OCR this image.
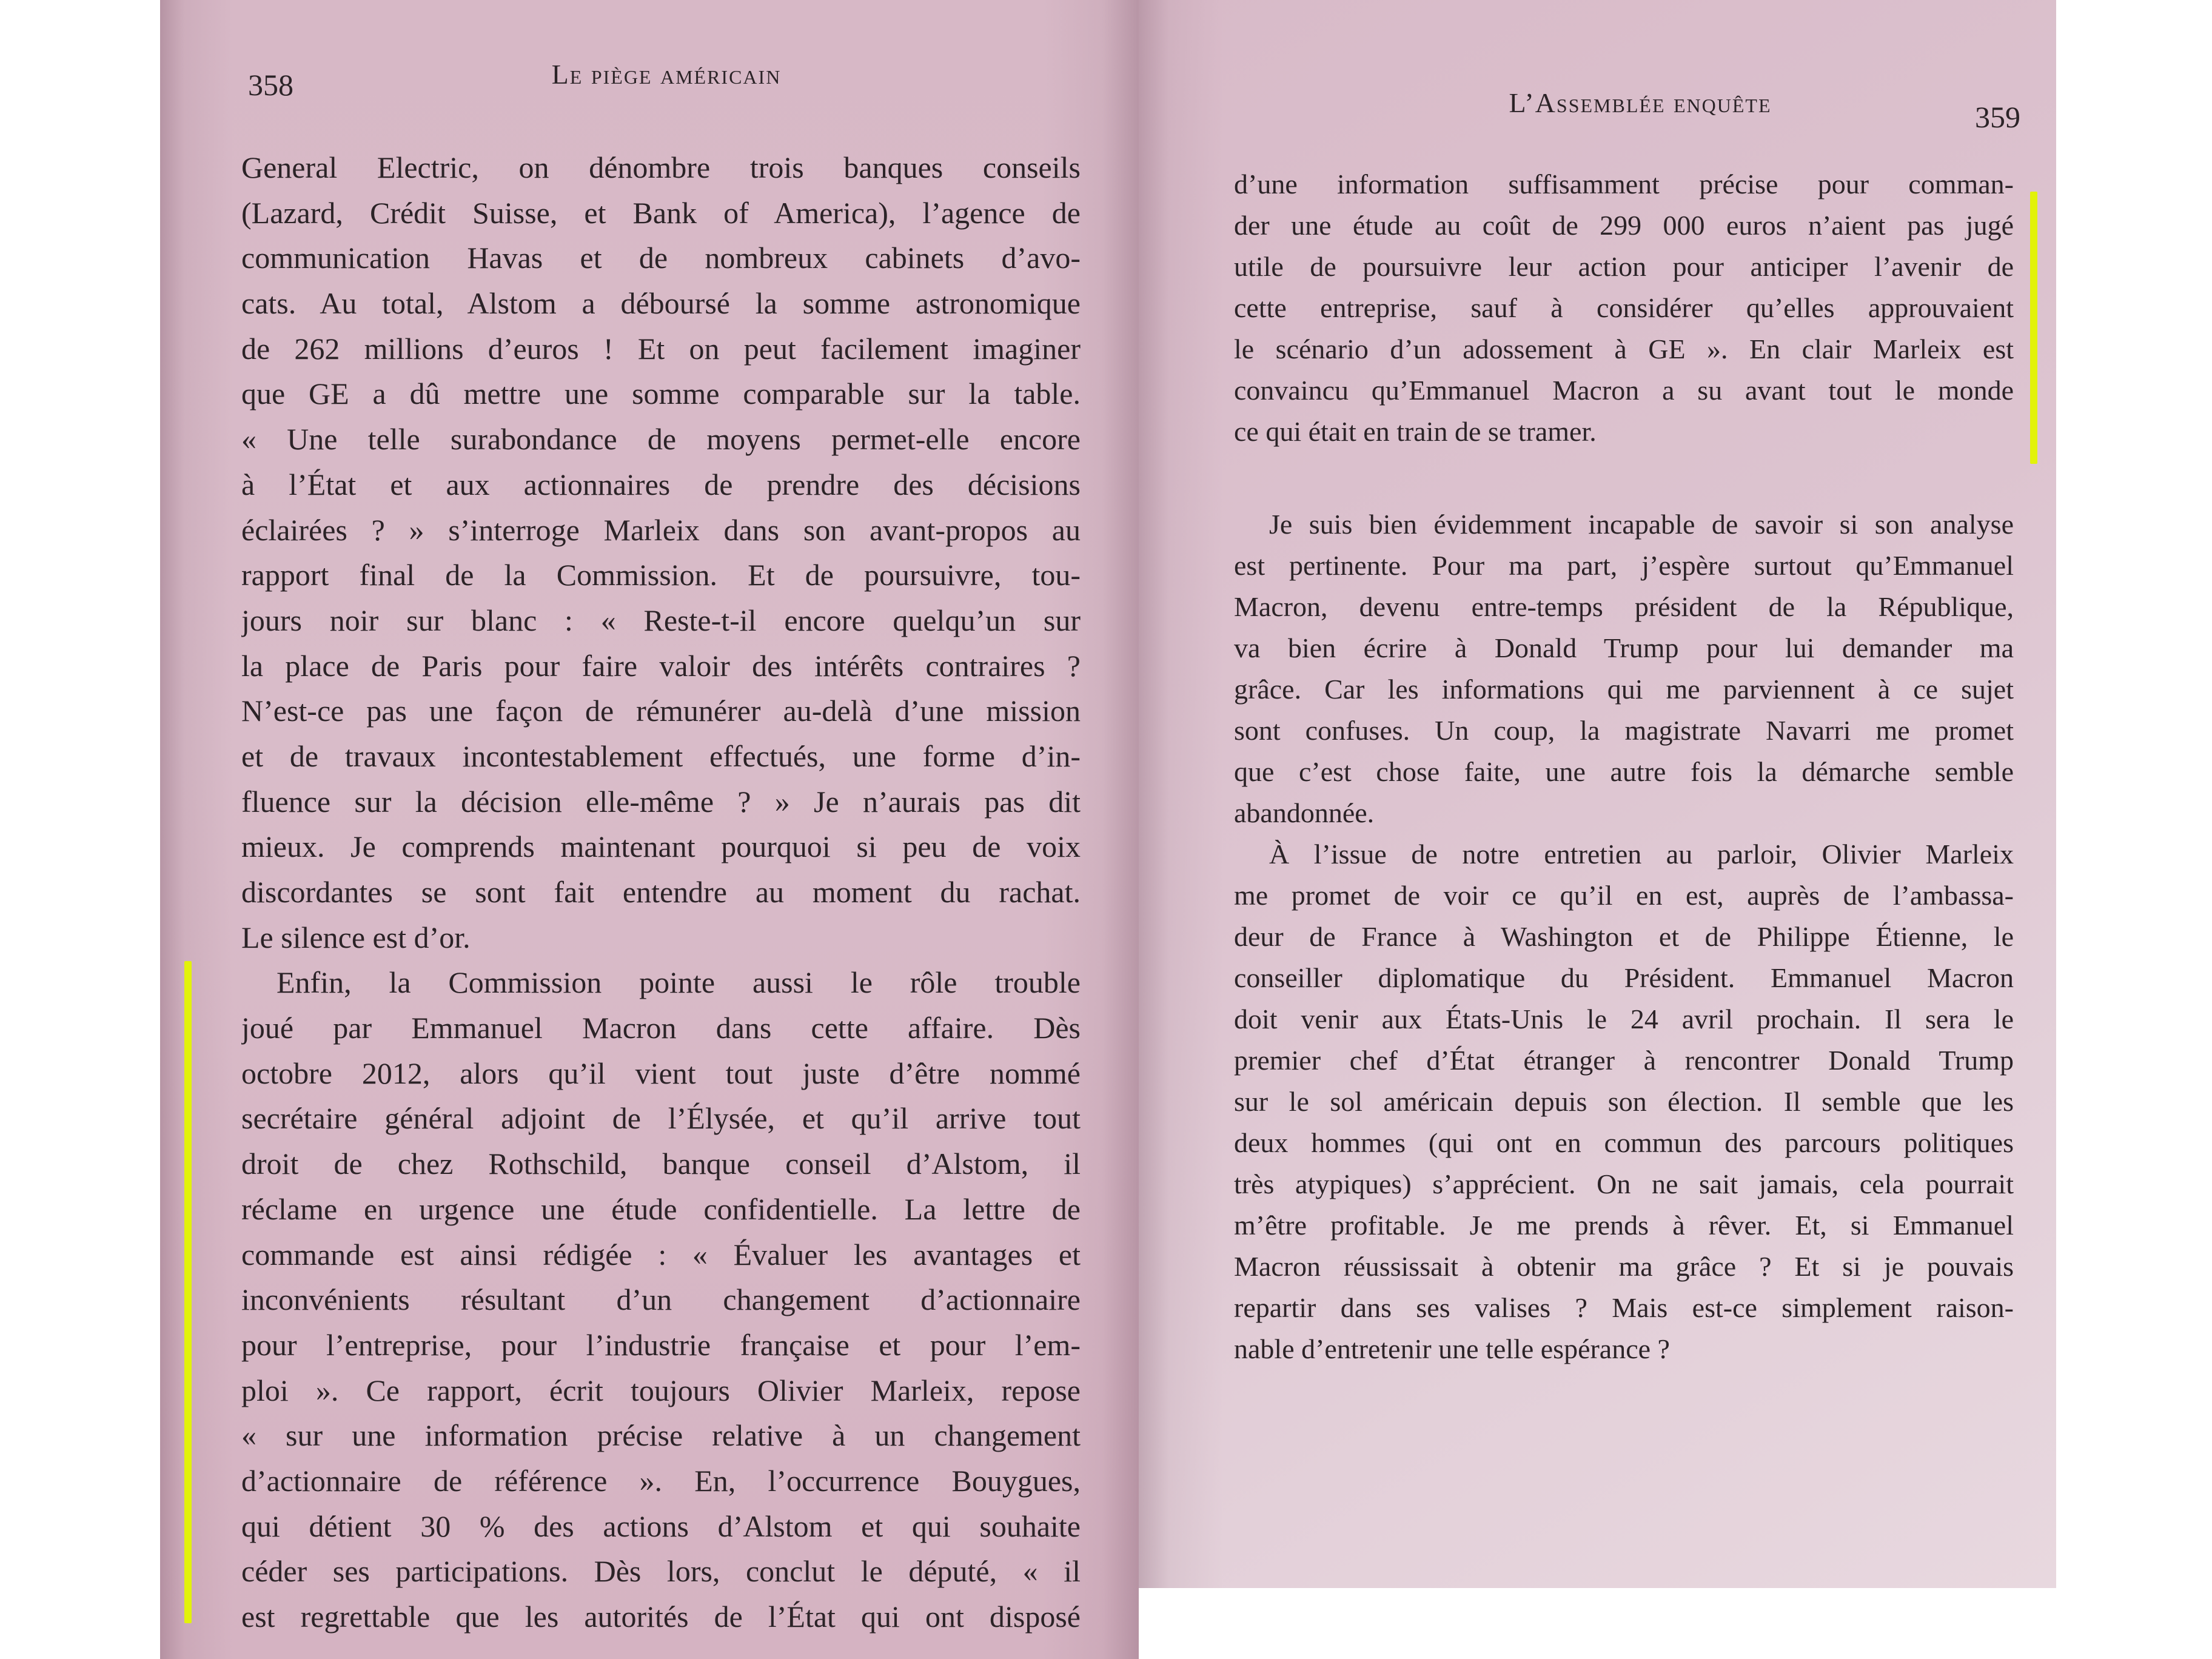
358	Le piège américain
General Electric, on dénombre trois banques conseils
(Lazard, Crédit Suisse, et Bank of America), l’agence de
communication Havas et de nombreux cabinets d’avo-
cats. Au total, Alstom a déboursé la somme astronomique
de 262 millions d’euros ! Et on peut facilement imaginer
que GE a dû mettre une somme comparable sur la table.
« Une telle surabondance de moyens permet-elle encore
à l’État et aux actionnaires de prendre des décisions
éclairées ? » s’interroge Marleix dans son avant-propos au
rapport final de la Commission. Et de poursuivre, tou-
jours noir sur blanc : « Reste-t-il encore quelqu’un sur
la place de Paris pour faire valoir des intérêts contraires ?
N’est-ce pas une façon de rémunérer au-delà d’une mission
et de travaux incontestablement effectués, une forme d’in-
fluence sur la décision elle-même ? » Je n’aurais pas dit
mieux. Je comprends maintenant pourquoi si peu de voix
discordantes se sont fait entendre au moment du rachat.
Le silence est d’or.
Enfin, la Commission pointe aussi le rôle trouble
joué par Emmanuel Macron dans cette affaire. Dès
octobre 2012, alors qu’il vient tout juste d’être nommé
secrétaire général adjoint de l’Élysée, et qu’il arrive tout
droit de chez Rothschild, banque conseil d’Alstom, il
réclame en urgence une étude confidentielle. La lettre de
commande est ainsi rédigée : « Évaluer les avantages et
inconvénients résultant d’un changement d’actionnaire
pour l’entreprise, pour l’industrie française et pour l’em-
ploi ». Ce rapport, écrit toujours Olivier Marleix, repose
« sur une information précise relative à un changement
d’actionnaire de référence ». En, l’occurrence Bouygues,
qui détient 30 % des actions d’Alstom et qui souhaite
céder ses participations. Dès lors, conclut le député, « il
est regrettable que les autorités de l’État qui ont disposé
L’Assemblée enquête	359
d’une information suffisamment précise pour comman-
der une étude au coût de 299 000 euros n’aient pas jugé
utile de poursuivre leur action pour anticiper l’avenir de
cette entreprise, sauf à considérer qu’elles approuvaient
le scénario d’un adossement à GE ». En clair Marleix est
convaincu qu’Emmanuel Macron a su avant tout le monde
ce qui était en train de se tramer.
Je suis bien évidemment incapable de savoir si son analyse
est pertinente. Pour ma part, j’espère surtout qu’Emmanuel
Macron, devenu entre-temps président de la République,
va bien écrire à Donald Trump pour lui demander ma
grâce. Car les informations qui me parviennent à ce sujet
sont confuses. Un coup, la magistrate Navarri me promet
que c’est chose faite, une autre fois la démarche semble
abandonnée.
À l’issue de notre entretien au parloir, Olivier Marleix
me promet de voir ce qu’il en est, auprès de l’ambassa-
deur de France à Washington et de Philippe Étienne, le
conseiller diplomatique du Président. Emmanuel Macron
doit venir aux États-Unis le 24 avril prochain. Il sera le
premier chef d’État étranger à rencontrer Donald Trump
sur le sol américain depuis son élection. Il semble que les
deux hommes (qui ont en commun des parcours politiques
très atypiques) s’apprécient. On ne sait jamais, cela pourrait
m’être profitable. Je me prends à rêver. Et, si Emmanuel
Macron réussissait à obtenir ma grâce ? Et si je pouvais
repartir dans ses valises ? Mais est-ce simplement raison-
nable d’entretenir une telle espérance ?
